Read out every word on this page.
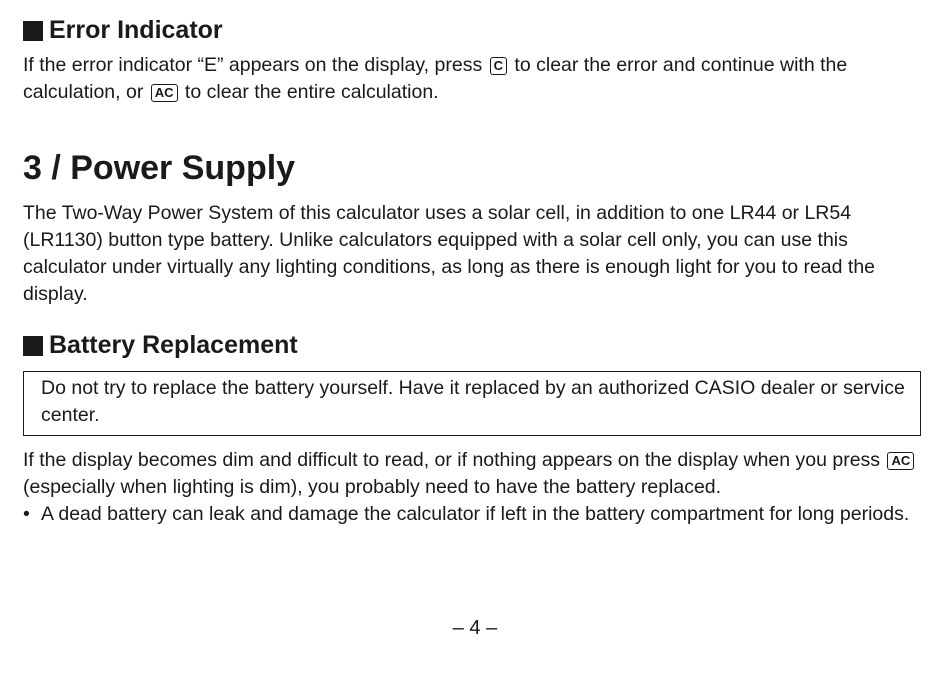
Error Indicator

If the error indicator “E” appears on the display, press C to clear the error and continue with the calculation, or AC to clear the entire calculation.

3 / Power Supply

The Two-Way Power System of this calculator uses a solar cell, in addition to one LR44 or LR54 (LR1130) button type battery. Unlike calculators equipped with a solar cell only, you can use this calculator under virtually any lighting conditions, as long as there is enough light for you to read the display.

Battery Replacement

Do not try to replace the battery yourself. Have it replaced by an authorized CASIO dealer or service center.

If the display becomes dim and difficult to read, or if nothing appears on the display when you press AC (especially when lighting is dim), you probably need to have the battery replaced.

• A dead battery can leak and damage the calculator if left in the battery compartment for long periods.
– 4 –
